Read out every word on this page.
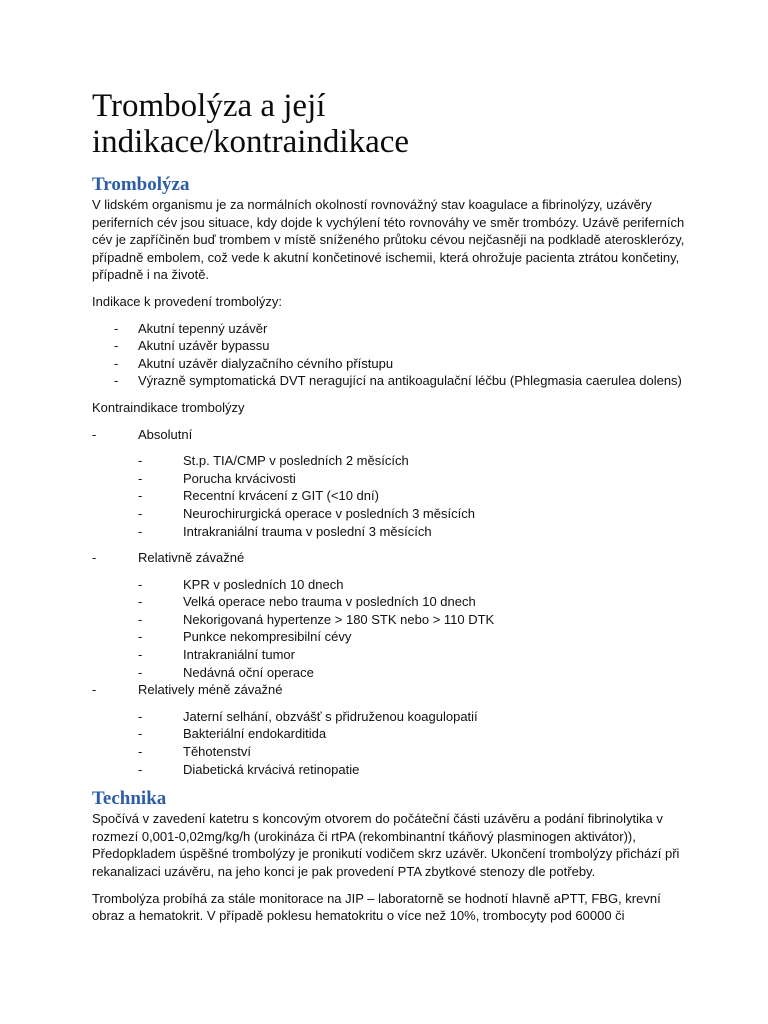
Trombolýza a její
indikace/kontraindikace
Trombolýza

V lidském organismu je za normálních okolností rovnovážný stav koagulace a fibrinolýzy, uzávěry periferních cév jsou situace, kdy dojde k vychýlení této rovnováhy ve směr trombózy. Uzávě periferních cév je zapříčiněn buď trombem v místě sníženého průtoku cévou nejčasněji na podkladě aterosklerózy, případně embolem, což vede k akutní končetinové ischemii, která ohrožuje pacienta ztrátou končetiny, případně i na životě.

Indikace k provedení trombolýzy:

- Akutní tepenný uzávěr
- Akutní uzávěr bypassu
- Akutní uzávěr dialyzačního cévního přístupu
- Výrazně symptomatická DVT neragující na antikoagulační léčbu (Phlegmasia caerulea dolens)

Kontraindikace trombolýzy

-	Absolutní
-	St.p. TIA/CMP v posledních 2 měsících
-	Porucha krvácivosti
-	Recentní krvácení z GIT (<10 dní)
-	Neurochirurgická operace v posledních 3 měsících
-	Intrakraniální trauma v poslední 3 měsících
-	Relativně závažné
-	KPR v posledních 10 dnech
-	Velká operace nebo trauma v posledních 10 dnech
-	Nekorigovaná hypertenze > 180 STK nebo > 110 DTK
-	Punkce nekompresibilní cévy
-	Intrakraniální tumor
-	Nedávná oční operace
-	Relatively méně závažné
-	Jaterní selhání, obzvášť s přidruženou koagulopatií
-	Bakteriální endokarditida
-	Těhotenství
-	Diabetická krvácivá retinopatie
Technika

Spočívá v zavedení katetru s koncovým otvorem do počáteční části uzávěru a podání fibrinolytika v rozmezí 0,001-0,02mg/kg/h (urokináza či rtPA (rekombinantní tkáňový plasminogen aktivátor)), Předopkladem úspěšné trombolýzy je pronikutí vodičem skrz uzávěr. Ukončení trombolýzy přichází při rekanalizaci uzávěru, na jeho konci je pak provedení PTA zbytkové stenozy dle potřeby.

Trombolýza probíhá za stále monitorace na JIP – laboratorně se hodnotí hlavně aPTT, FBG, krevní obraz a hematokrit. V případě poklesu hematokritu o více než 10%, trombocyty pod 60000 či
